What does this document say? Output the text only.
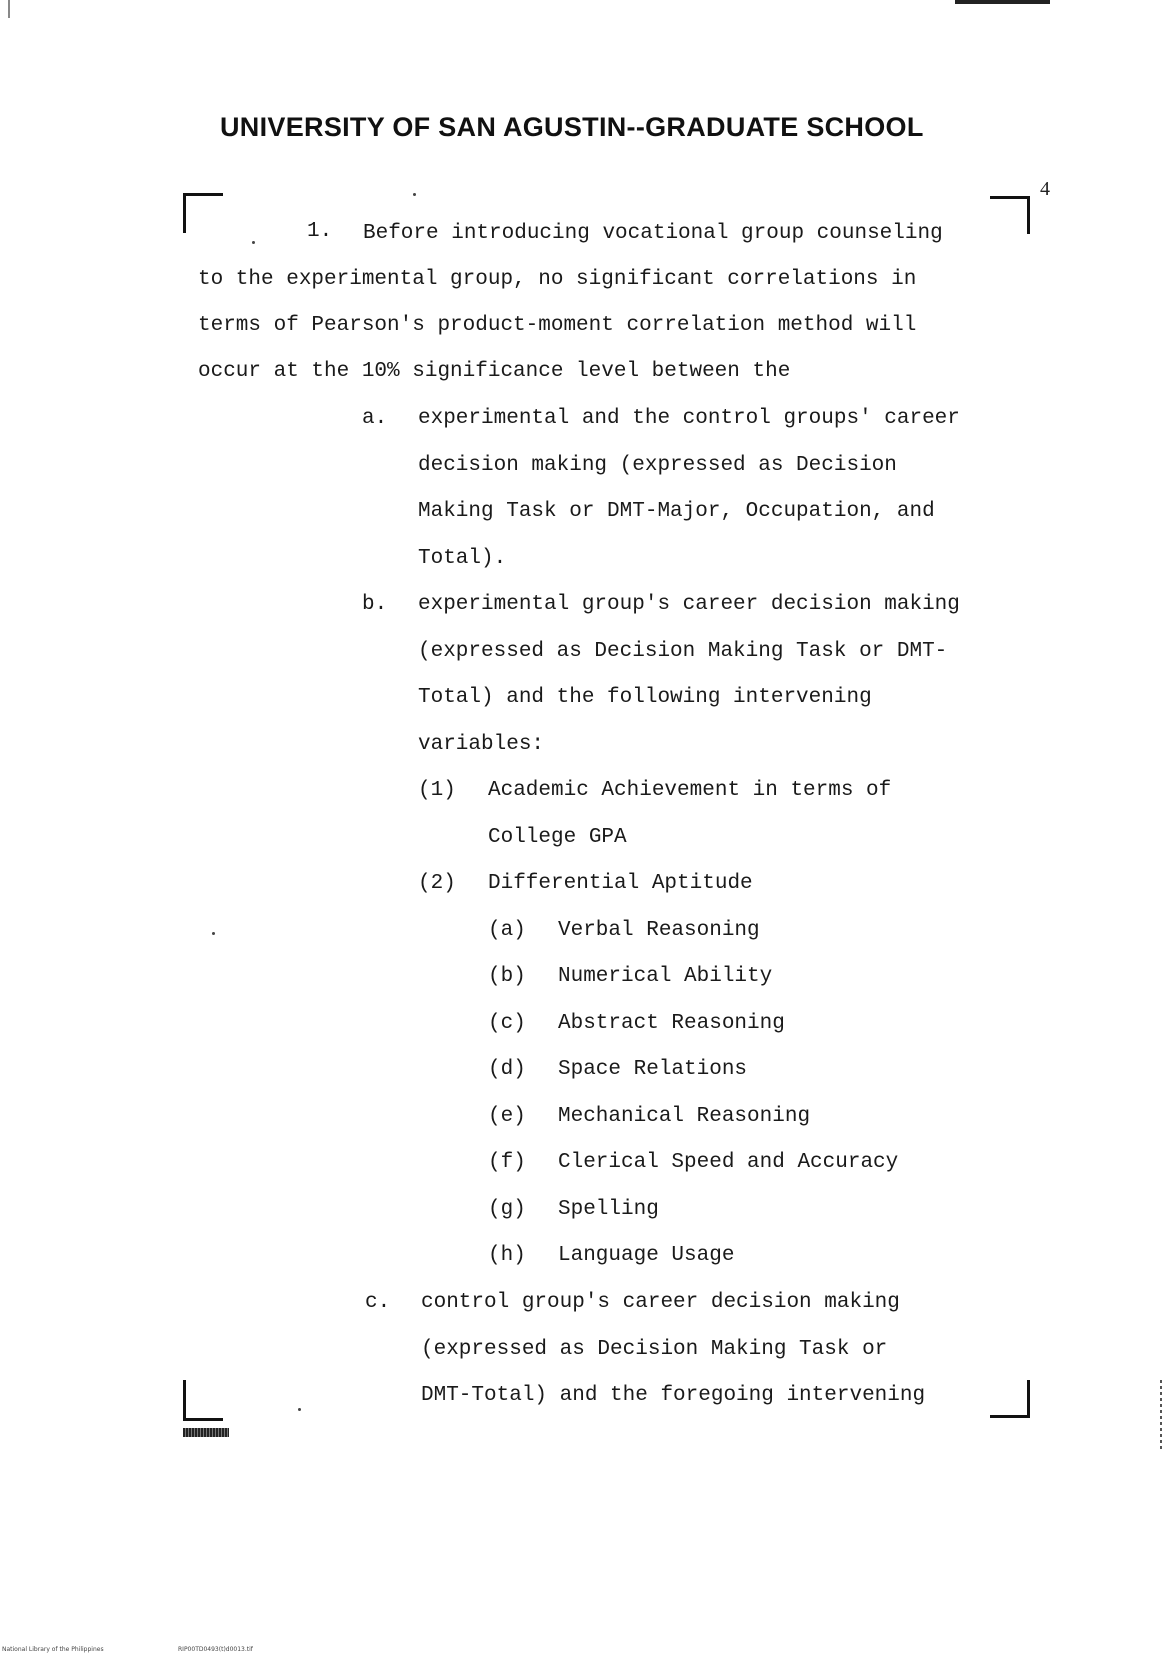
UNIVERSITY OF SAN AGUSTIN--GRADUATE SCHOOL
4
1. Before introducing vocational group counseling
to the experimental group, no significant correlations in
terms of Pearson's product-moment correlation method will
occur at the 10% significance level between the
a. experimental and the control groups' career
decision making (expressed as Decision
Making Task or DMT-Major, Occupation, and
Total).
b. experimental group's career decision making
(expressed as Decision Making Task or DMT-
Total) and the following intervening
variables:
(1) Academic Achievement in terms of
College GPA
(2) Differential Aptitude
(a) Verbal Reasoning
(b) Numerical Ability
(c) Abstract Reasoning
(d) Space Relations
(e) Mechanical Reasoning
(f) Clerical Speed and Accuracy
(g) Spelling
(h) Language Usage
c. control group's career decision making
(expressed as Decision Making Task or
DMT-Total) and the foregoing intervening
National Library of the Philippines	RIP00TD0493(t)d0013.tif
